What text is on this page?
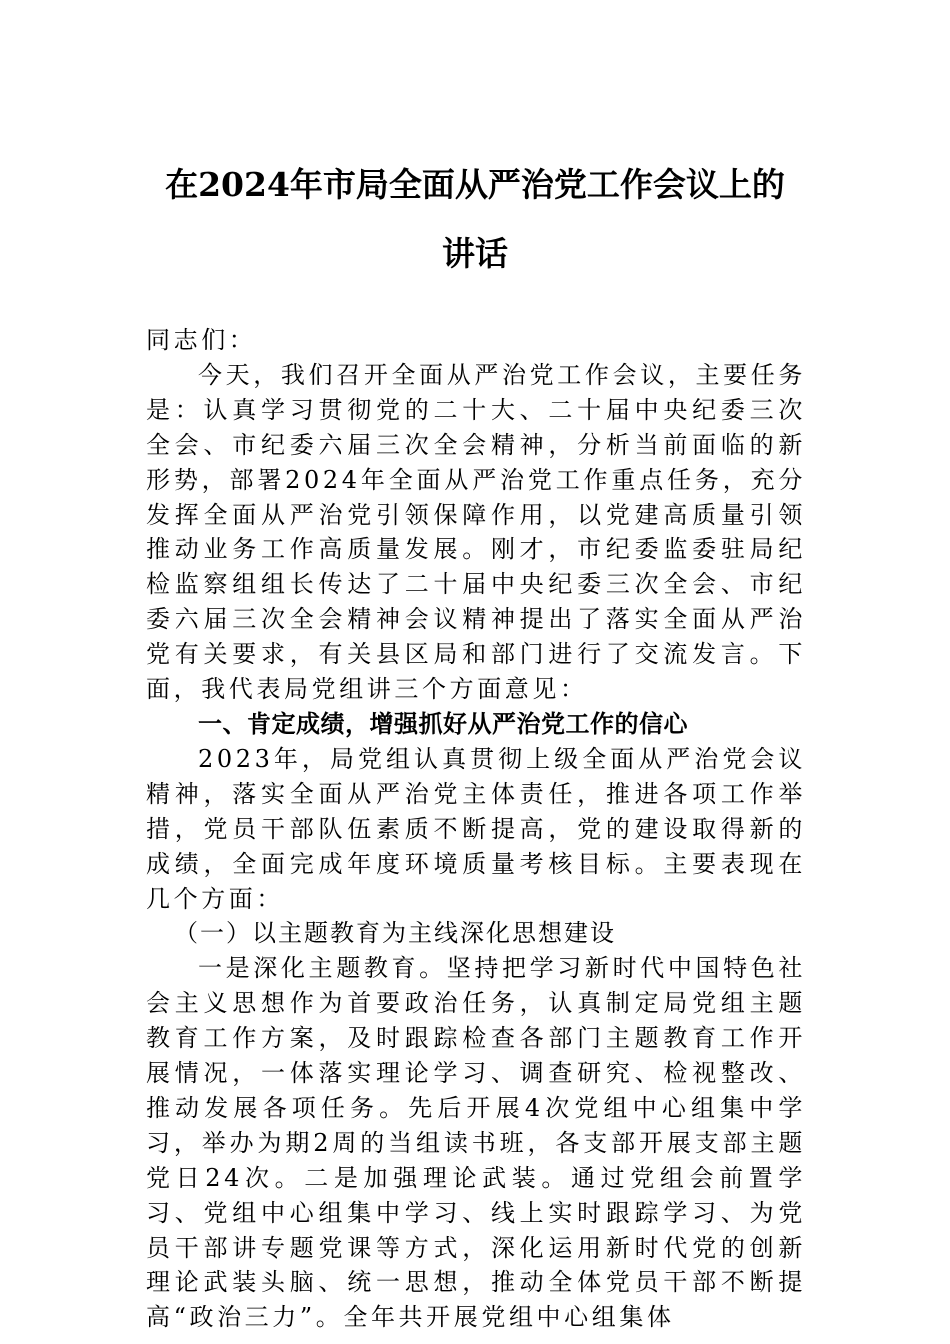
在2024年市局全面从严治党工作会议上的
讲话

同志们：

今天，我们召开全面从严治党工作会议，主要任务是：认真学习贯彻党的二十大、二十届中央纪委三次全会、市纪委六届三次全会精神，分析当前面临的新形势，部署2024年全面从严治党工作重点任务，充分发挥全面从严治党引领保障作用，以党建高质量引领推动业务工作高质量发展。刚才，市纪委监委驻局纪检监察组组长传达了二十届中央纪委三次全会、市纪委六届三次全会精神会议精神提出了落实全面从严治党有关要求，有关县区局和部门进行了交流发言。下面，我代表局党组讲三个方面意见：

一、肯定成绩，增强抓好从严治党工作的信心

2023年，局党组认真贯彻上级全面从严治党会议精神，落实全面从严治党主体责任，推进各项工作举措，党员干部队伍素质不断提高，党的建设取得新的成绩，全面完成年度环境质量考核目标。主要表现在几个方面：

（一）以主题教育为主线深化思想建设

一是深化主题教育。坚持把学习新时代中国特色社会主义思想作为首要政治任务，认真制定局党组主题教育工作方案，及时跟踪检查各部门主题教育工作开展情况，一体落实理论学习、调查研究、检视整改、推动发展各项任务。先后开展4次党组中心组集中学习，举办为期2周的当组读书班，各支部开展支部主题党日24次。二是加强理论武装。通过党组会前置学习、党组中心组集中学习、线上实时跟踪学习、为党员干部讲专题党课等方式，深化运用新时代党的创新理论武装头脑、统一思想，推动全体党员干部不断提高“政治三力”。全年共开展党组中心组集体
